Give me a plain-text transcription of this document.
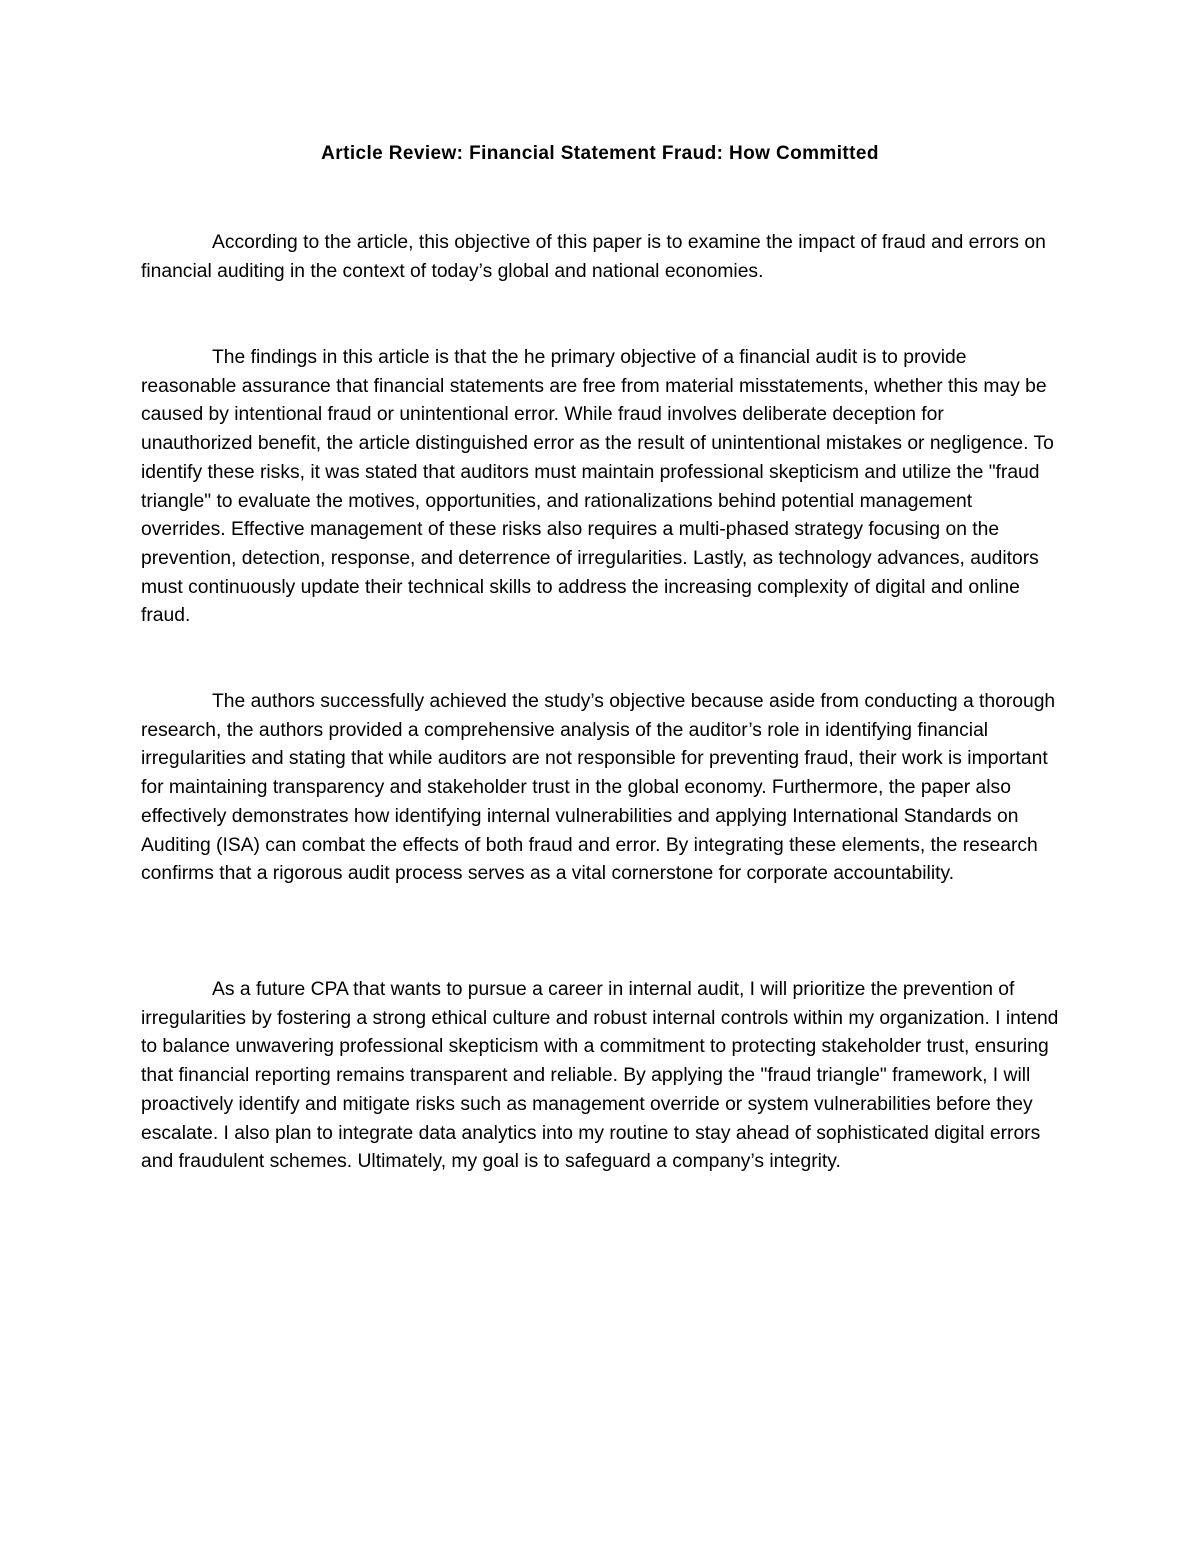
Article Review: Financial Statement Fraud: How Committed

According to the article, this objective of this paper is to examine the impact of fraud and errors on financial auditing in the context of today’s global and national economies.

The findings in this article is that the he primary objective of a financial audit is to provide reasonable assurance that financial statements are free from material misstatements, whether this may be caused by intentional fraud or unintentional error. While fraud involves deliberate deception for unauthorized benefit, the article distinguished error as the result of unintentional mistakes or negligence. To identify these risks, it was stated that auditors must maintain professional skepticism and utilize the "fraud triangle" to evaluate the motives, opportunities, and rationalizations behind potential management overrides. Effective management of these risks also requires a multi-phased strategy focusing on the prevention, detection, response, and deterrence of irregularities. Lastly, as technology advances, auditors must continuously update their technical skills to address the increasing complexity of digital and online fraud.

The authors successfully achieved the study’s objective because aside from conducting a thorough research, the authors provided a comprehensive analysis of the auditor’s role in identifying financial irregularities and stating that while auditors are not responsible for preventing fraud, their work is important for maintaining transparency and stakeholder trust in the global economy. Furthermore, the paper also effectively demonstrates how identifying internal vulnerabilities and applying International Standards on Auditing (ISA) can combat the effects of both fraud and error. By integrating these elements, the research confirms that a rigorous audit process serves as a vital cornerstone for corporate accountability.

As a future CPA that wants to pursue a career in internal audit, I will prioritize the prevention of irregularities by fostering a strong ethical culture and robust internal controls within my organization. I intend to balance unwavering professional skepticism with a commitment to protecting stakeholder trust, ensuring that financial reporting remains transparent and reliable. By applying the "fraud triangle" framework, I will proactively identify and mitigate risks such as management override or system vulnerabilities before they escalate. I also plan to integrate data analytics into my routine to stay ahead of sophisticated digital errors and fraudulent schemes. Ultimately, my goal is to safeguard a company’s integrity.
